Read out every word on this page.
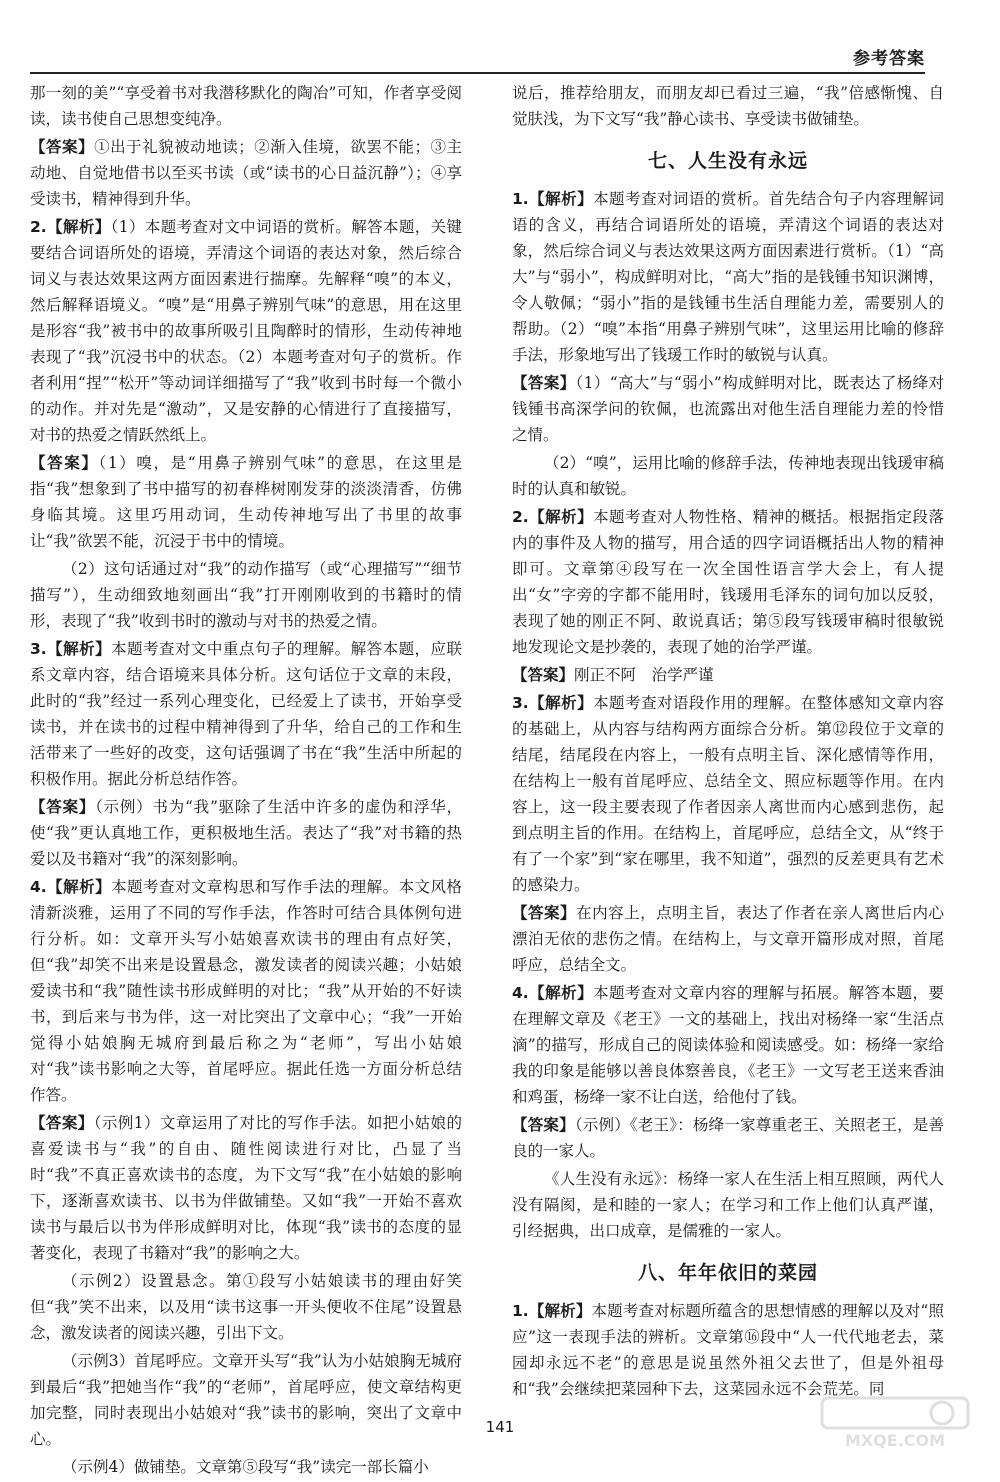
参考答案

那一刻的美”“享受着书对我潜移默化的陶冶”可知，作者享受阅读，读书使自己思想变纯净。

【答案】①出于礼貌被动地读；②渐入佳境，欲罢不能；③主动地、自觉地借书以至买书读（或“读书的心日益沉静”）；④享受读书，精神得到升华。

2.【解析】（1）本题考查对文中词语的赏析。解答本题，关键要结合词语所处的语境，弄清这个词语的表达对象，然后综合词义与表达效果这两方面因素进行揣摩。先解释“嗅”的本义，然后解释语境义。“嗅”是“用鼻子辨别气味”的意思，用在这里是形容“我”被书中的故事所吸引且陶醉时的情形，生动传神地表现了“我”沉浸书中的状态。（2）本题考查对句子的赏析。作者利用“捏”“松开”等动词详细描写了“我”收到书时每一个微小的动作。并对先是“激动”，又是安静的心情进行了直接描写，对书的热爱之情跃然纸上。

【答案】（1）嗅，是“用鼻子辨别气味”的意思，在这里是指“我”想象到了书中描写的初春桦树刚发芽的淡淡清香，仿佛身临其境。这里巧用动词，生动传神地写出了书里的故事让“我”欲罢不能，沉浸于书中的情境。

（2）这句话通过对“我”的动作描写（或“心理描写”“细节描写”），生动细致地刻画出“我”打开刚刚收到的书籍时的情形，表现了“我”收到书时的激动与对书的热爱之情。

3.【解析】本题考查对文中重点句子的理解。解答本题，应联系文章内容，结合语境来具体分析。这句话位于文章的末段，此时的“我”经过一系列心理变化，已经爱上了读书，开始享受读书，并在读书的过程中精神得到了升华，给自己的工作和生活带来了一些好的改变，这句话强调了书在“我”生活中所起的积极作用。据此分析总结作答。

【答案】（示例）书为“我”驱除了生活中许多的虚伪和浮华，使“我”更认真地工作，更积极地生活。表达了“我”对书籍的热爱以及书籍对“我”的深刻影响。

4.【解析】本题考查对文章构思和写作手法的理解。本文风格清新淡雅，运用了不同的写作手法，作答时可结合具体例句进行分析。如：文章开头写小姑娘喜欢读书的理由有点好笑，但“我”却笑不出来是设置悬念，激发读者的阅读兴趣；小姑娘爱读书和“我”随性读书形成鲜明的对比；“我”从开始的不好读书，到后来与书为伴，这一对比突出了文章中心；“我”一开始觉得小姑娘胸无城府到最后称之为“老师”，写出小姑娘对“我”读书影响之大等，首尾呼应。据此任选一方面分析总结作答。

【答案】（示例1）文章运用了对比的写作手法。如把小姑娘的喜爱读书与“我”的自由、随性阅读进行对比，凸显了当时“我”不真正喜欢读书的态度，为下文写“我”在小姑娘的影响下，逐渐喜欢读书、以书为伴做铺垫。又如“我”一开始不喜欢读书与最后以书为伴形成鲜明对比，体现“我”读书的态度的显著变化，表现了书籍对“我”的影响之大。

（示例2）设置悬念。第①段写小姑娘读书的理由好笑但“我”笑不出来，以及用“读书这事一开头便收不住尾”设置悬念，激发读者的阅读兴趣，引出下文。

（示例3）首尾呼应。文章开头写“我”认为小姑娘胸无城府到最后“我”把她当作“我”的“老师”，首尾呼应，使文章结构更加完整，同时表现出小姑娘对“我”读书的影响，突出了文章中心。

（示例4）做铺垫。文章第⑤段写“我”读完一部长篇小

说后，推荐给朋友，而朋友却已看过三遍，“我”倍感惭愧、自觉肤浅，为下文写“我”静心读书、享受读书做铺垫。

七、人生没有永远

1.【解析】本题考查对词语的赏析。首先结合句子内容理解词语的含义，再结合词语所处的语境，弄清这个词语的表达对象，然后综合词义与表达效果这两方面因素进行赏析。（1）“高大”与“弱小”，构成鲜明对比，“高大”指的是钱锺书知识渊博，令人敬佩；“弱小”指的是钱锺书生活自理能力差，需要别人的帮助。（2）“嗅”本指“用鼻子辨别气味”，这里运用比喻的修辞手法，形象地写出了钱瑗工作时的敏锐与认真。

【答案】（1）“高大”与“弱小”构成鲜明对比，既表达了杨绛对钱锺书高深学问的钦佩，也流露出对他生活自理能力差的怜惜之情。

（2）“嗅”，运用比喻的修辞手法，传神地表现出钱瑗审稿时的认真和敏锐。

2.【解析】本题考查对人物性格、精神的概括。根据指定段落内的事件及人物的描写，用合适的四字词语概括出人物的精神即可。文章第④段写在一次全国性语言学大会上，有人提出“女”字旁的字都不能用时，钱瑗用毛泽东的词句加以反驳，表现了她的刚正不阿、敢说真话；第⑤段写钱瑗审稿时很敏锐地发现论文是抄袭的，表现了她的治学严谨。

【答案】刚正不阿　治学严谨

3.【解析】本题考查对语段作用的理解。在整体感知文章内容的基础上，从内容与结构两方面综合分析。第⑫段位于文章的结尾，结尾段在内容上，一般有点明主旨、深化感情等作用，在结构上一般有首尾呼应、总结全文、照应标题等作用。在内容上，这一段主要表现了作者因亲人离世而内心感到悲伤，起到点明主旨的作用。在结构上，首尾呼应，总结全文，从“终于有了一个家”到“家在哪里，我不知道”，强烈的反差更具有艺术的感染力。

【答案】在内容上，点明主旨，表达了作者在亲人离世后内心漂泊无依的悲伤之情。在结构上，与文章开篇形成对照，首尾呼应，总结全文。

4.【解析】本题考查对文章内容的理解与拓展。解答本题，要在理解文章及《老王》一文的基础上，找出对杨绛一家“生活点滴”的描写，形成自己的阅读体验和阅读感受。如：杨绛一家给我的印象是能够以善良体察善良，《老王》一文写老王送来香油和鸡蛋，杨绛一家不让白送，给他付了钱。

【答案】（示例）《老王》：杨绛一家尊重老王、关照老王，是善良的一家人。

《人生没有永远》：杨绛一家人在生活上相互照顾，两代人没有隔阂，是和睦的一家人；在学习和工作上他们认真严谨，引经据典，出口成章，是儒雅的一家人。

八、年年依旧的菜园

1.【解析】本题考查对标题所蕴含的思想情感的理解以及对“照应”这一表现手法的辨析。文章第⑯段中“人一代代地老去，菜园却永远不老”的意思是说虽然外祖父去世了，但是外祖母和“我”会继续把菜园种下去，这菜园永远不会荒芜。同

141
MXQE.COM
